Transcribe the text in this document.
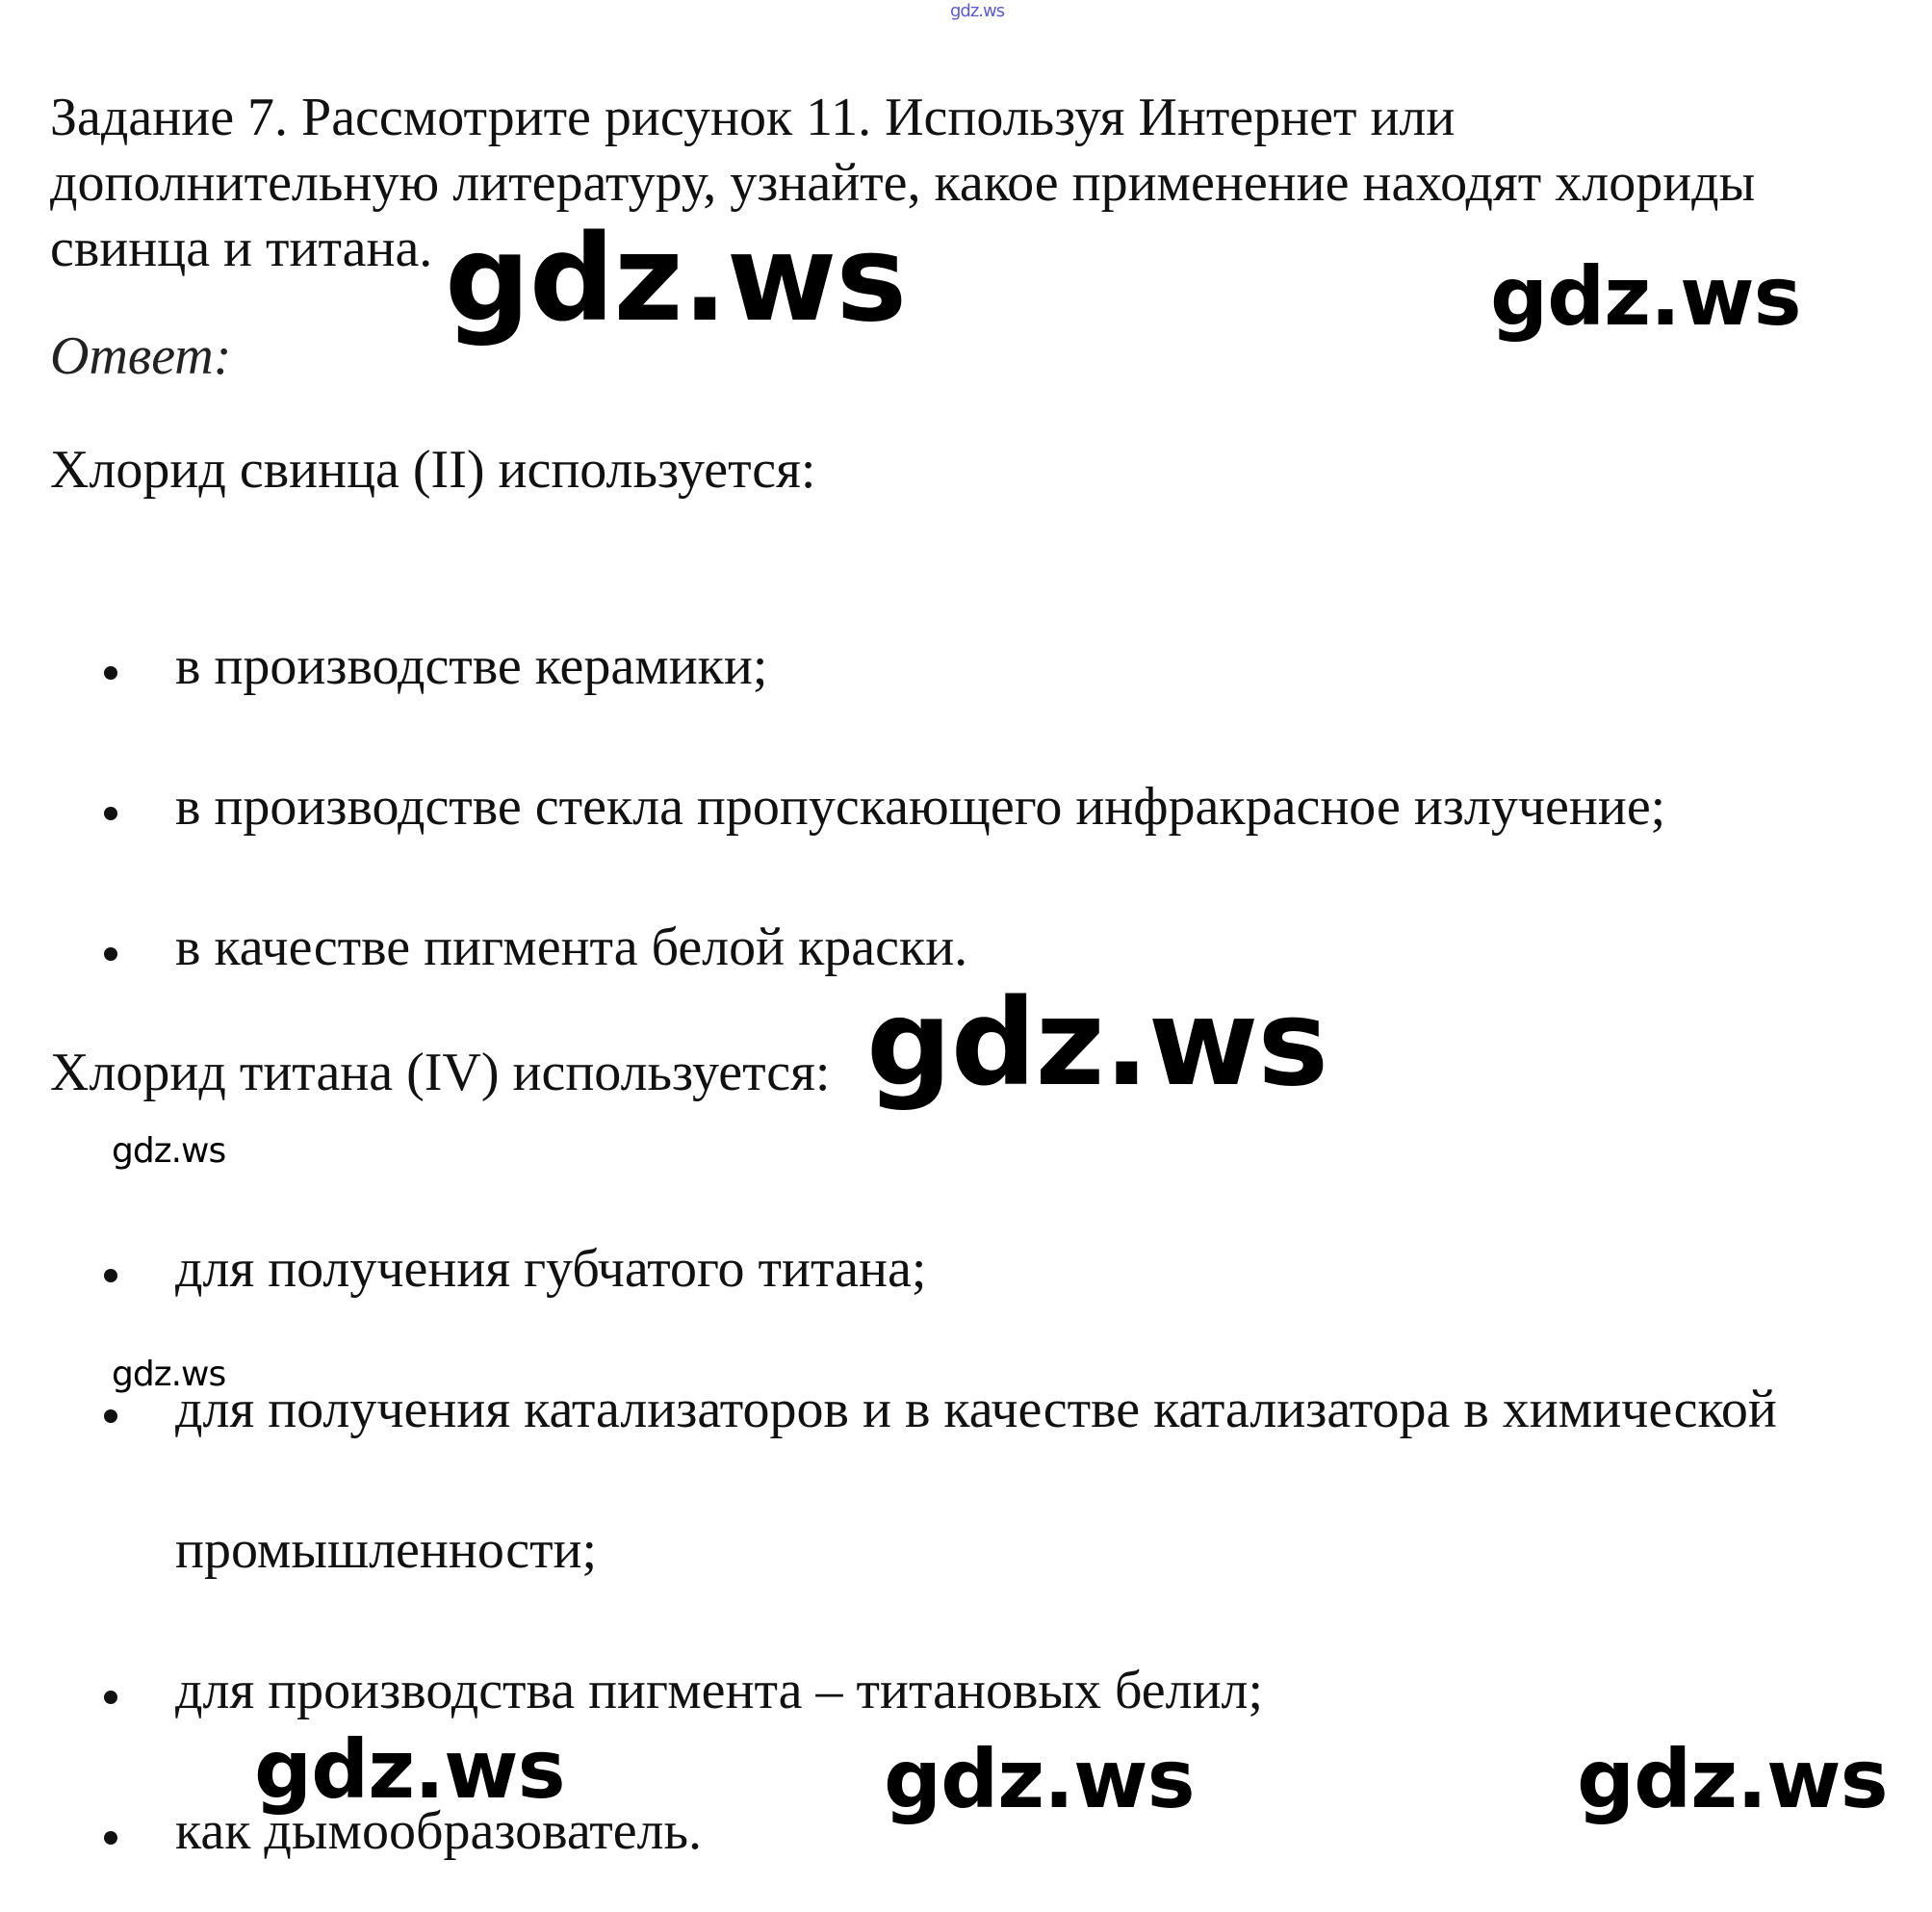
gdz.ws
Задание 7. Рассмотрите рисунок 11. Используя Интернет или
дополнительную литературу, узнайте, какое применение находят хлориды
свинца и титана. gdz.ws	gdz.ws
Ответ:
Хлорид свинца (II) используется:
в производстве керамики;
в производстве стекла пропускающего инфракрасное излучение;
в качестве пигмента белой краски.
Хлорид титана (IV) используется: gdz.ws
gdz.ws
для получения губчатого титана;
gdz.ws
для получения катализаторов и в качестве катализатора в химической
промышленности;
для производства пигмента – титановых белил;
gdz.ws	gdz.ws	gdz.ws
как дымообразователь.
